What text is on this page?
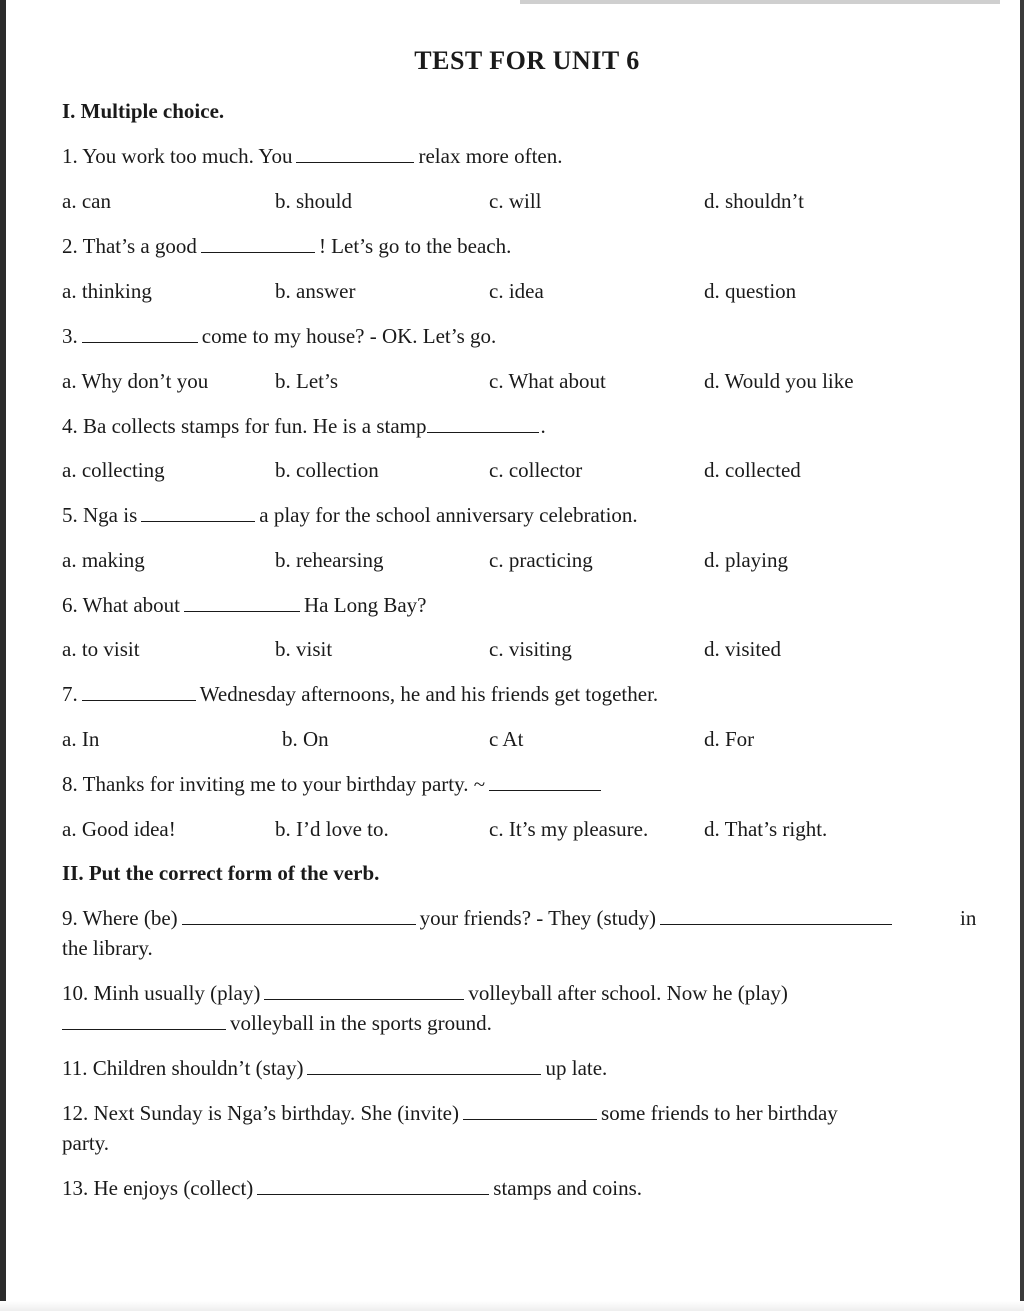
TEST FOR UNIT 6
I. Multiple choice.
1. You work too much. You	relax more often.
a. can	b. should	c. will	d. shouldn’t
2. That’s a good	! Let’s go to the beach.
a. thinking	b. answer	c. idea	d. question
3.	come to my house? - OK. Let’s go.
a. Why don’t you	b. Let’s	c. What about	d. Would you like
4. Ba collects stamps for fun. He is a stamp	.
a. collecting	b. collection	c. collector	d. collected
5. Nga is	a play for the school anniversary celebration.
a. making	b. rehearsing	c. practicing	d. playing
6. What about	Ha Long Bay?
a. to visit	b. visit	c. visiting	d. visited
7.	Wednesday afternoons, he and his friends get together.
a. In	b. On	c At	d. For
8. Thanks for inviting me to your birthday party. ~
a. Good idea!	b. I’d love to.	c. It’s my pleasure.	d. That’s right.
II. Put the correct form of the verb.
9. Where (be)	your friends? - They (study)	in
the library.
10. Minh usually (play)	volleyball after school. Now he (play)
volleyball in the sports ground.
11. Children shouldn’t (stay)	up late.
12. Next Sunday is Nga’s birthday. She (invite)	some friends to her birthday
party.
13. He enjoys (collect)	stamps and coins.
